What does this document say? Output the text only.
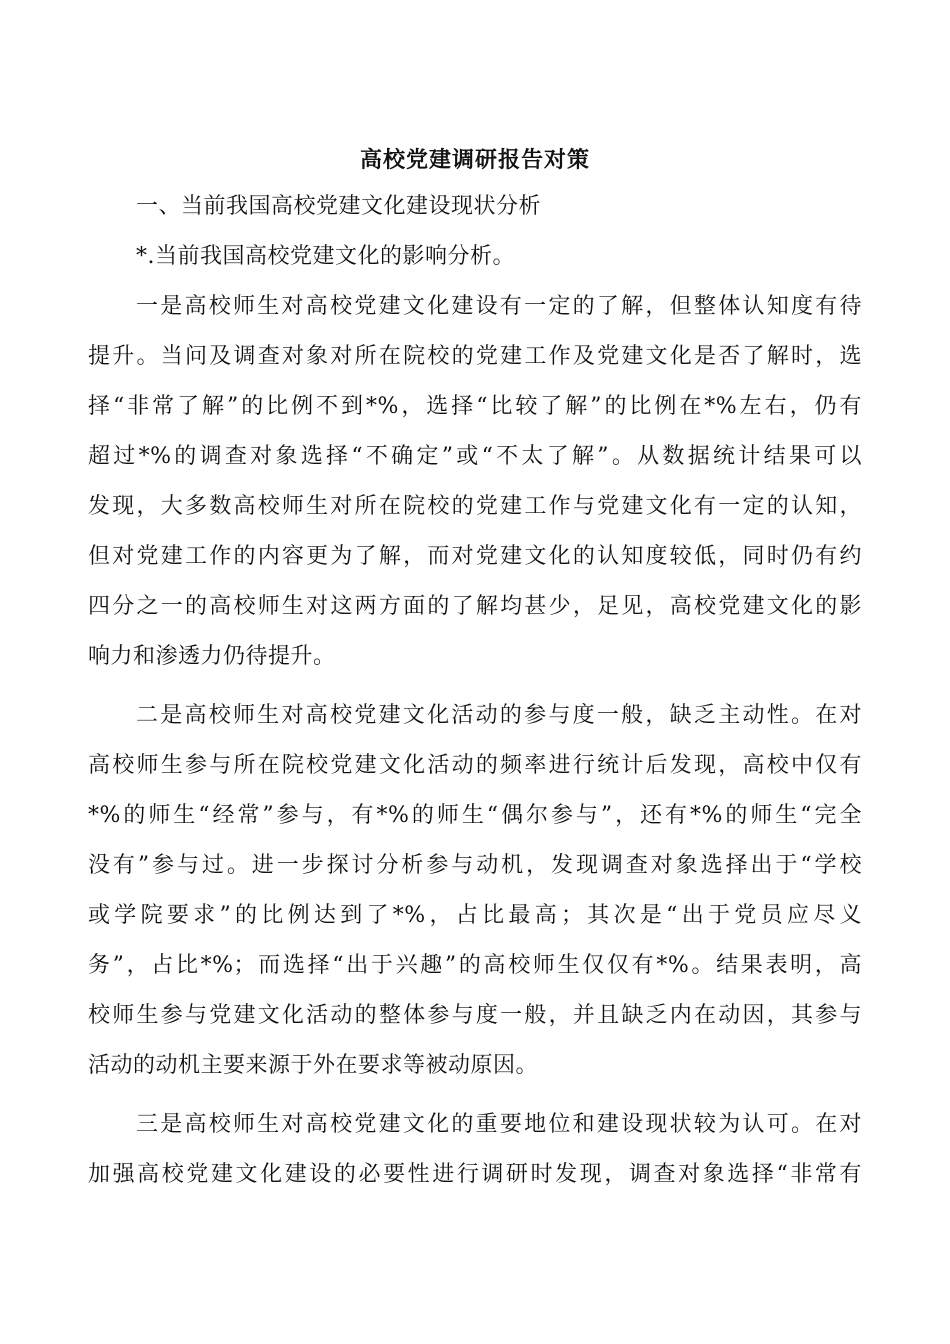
高校党建调研报告对策
一、当前我国高校党建文化建设现状分析
*.当前我国高校党建文化的影响分析。
一是高校师生对高校党建文化建设有一定的了解，但整体认知度有待
提升。当问及调查对象对所在院校的党建工作及党建文化是否了解时，选
择“非常了解”的比例不到*%，选择“比较了解”的比例在*%左右，仍有
超过*%的调查对象选择“不确定”或“不太了解”。从数据统计结果可以
发现，大多数高校师生对所在院校的党建工作与党建文化有一定的认知，
但对党建工作的内容更为了解，而对党建文化的认知度较低，同时仍有约
四分之一的高校师生对这两方面的了解均甚少，足见，高校党建文化的影
响力和渗透力仍待提升。
二是高校师生对高校党建文化活动的参与度一般，缺乏主动性。在对
高校师生参与所在院校党建文化活动的频率进行统计后发现，高校中仅有
*%的师生“经常”参与，有*%的师生“偶尔参与”，还有*%的师生“完全
没有”参与过。进一步探讨分析参与动机，发现调查对象选择出于“学校
或学院要求”的比例达到了*%，占比最高；其次是“出于党员应尽义
务”，占比*%；而选择“出于兴趣”的高校师生仅仅有*%。结果表明，高
校师生参与党建文化活动的整体参与度一般，并且缺乏内在动因，其参与
活动的动机主要来源于外在要求等被动原因。
三是高校师生对高校党建文化的重要地位和建设现状较为认可。在对
加强高校党建文化建设的必要性进行调研时发现，调查对象选择“非常有
